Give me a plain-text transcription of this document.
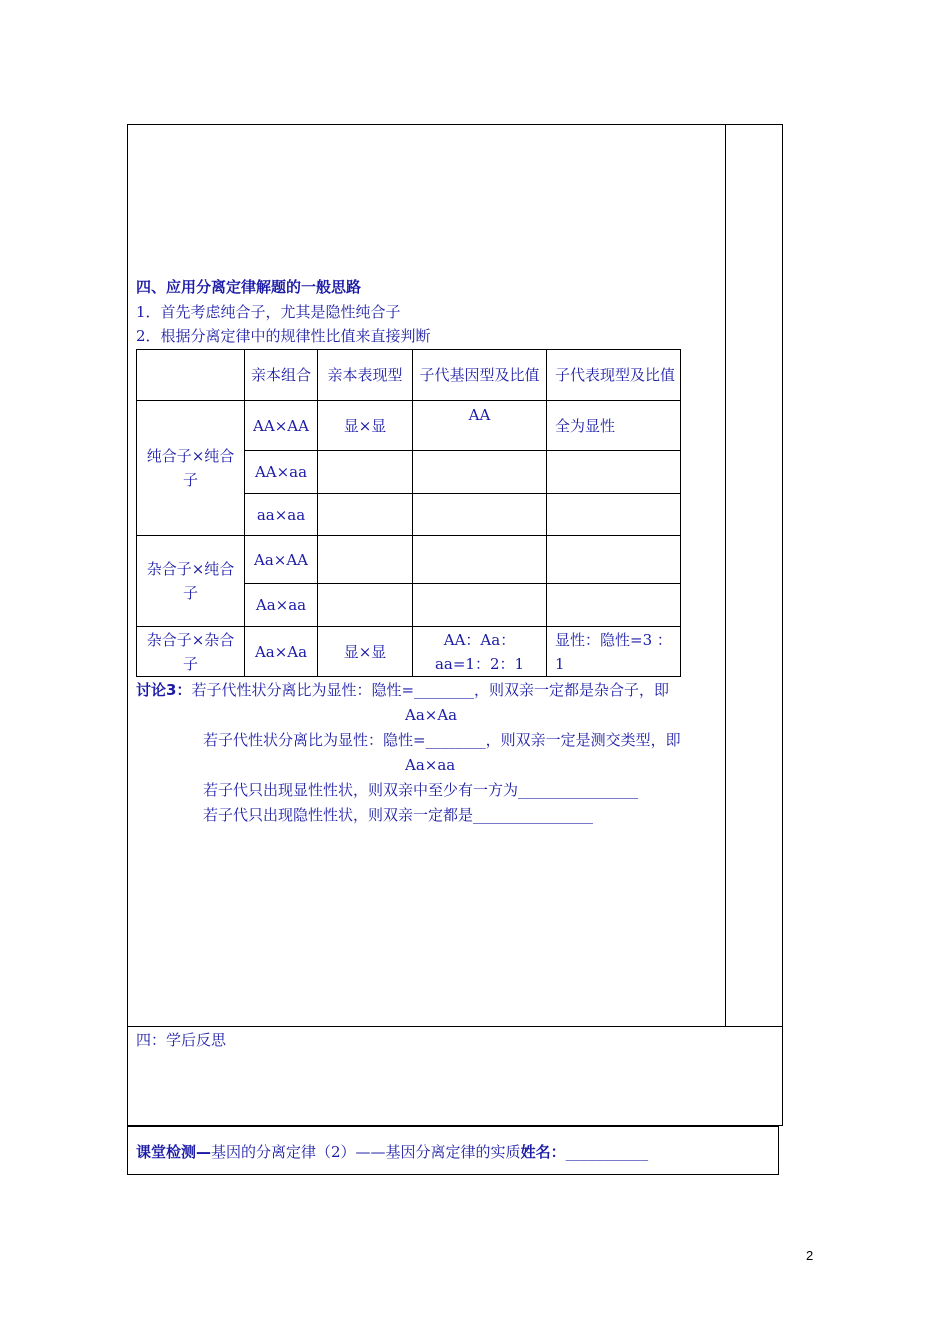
四、应用分离定律解题的一般思路
1．首先考虑纯合子，尤其是隐性纯合子
2．根据分离定律中的规律性比值来直接判断
	亲本组合	亲本表现型	子代基因型及比值	子代表现型及比值
纯合子×纯合子	AA×AA	显×显	AA	全为显性
	AA×aa			
	aa×aa			
杂合子×纯合子	Aa×AA			
	Aa×aa			
杂合子×杂合子	Aa×Aa	显×显	AA：Aa：aa=1：2：1	显性：隐性=3 ：1
讨论3：若子代性状分离比为显性：隐性=________，则双亲一定都是杂合子，即
Aa×Aa
若子代性状分离比为显性：隐性=________，则双亲一定是测交类型，即
Aa×aa
若子代只出现显性性状，则双亲中至少有一方为________________
若子代只出现隐性性状，则双亲一定都是________________
四：学后反思
课堂检测—基因的分离定律（2）——基因分离定律的实质姓名：___________
2
